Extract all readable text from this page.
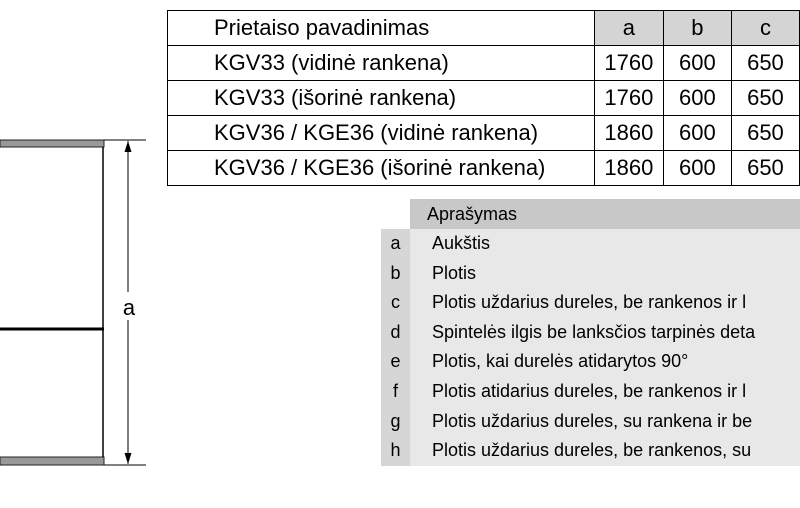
a
Prietaiso pavadinimas	a	b	c
KGV33 (vidinė rankena)	1760	600	650
KGV33 (išorinė rankena)	1760	600	650
KGV36 / KGE36 (vidinė rankena)	1860	600	650
KGV36 / KGE36 (išorinė rankena)	1860	600	650
Aprašymas
a	Aukštis
b	Plotis
c	Plotis uždarius dureles, be rankenos ir l
d	Spintelės ilgis be lanksčios tarpinės deta
e	Plotis, kai durelės atidarytos 90°
f	Plotis atidarius dureles, be rankenos ir l
g	Plotis uždarius dureles, su rankena ir be
h	Plotis uždarius dureles, be rankenos, su
